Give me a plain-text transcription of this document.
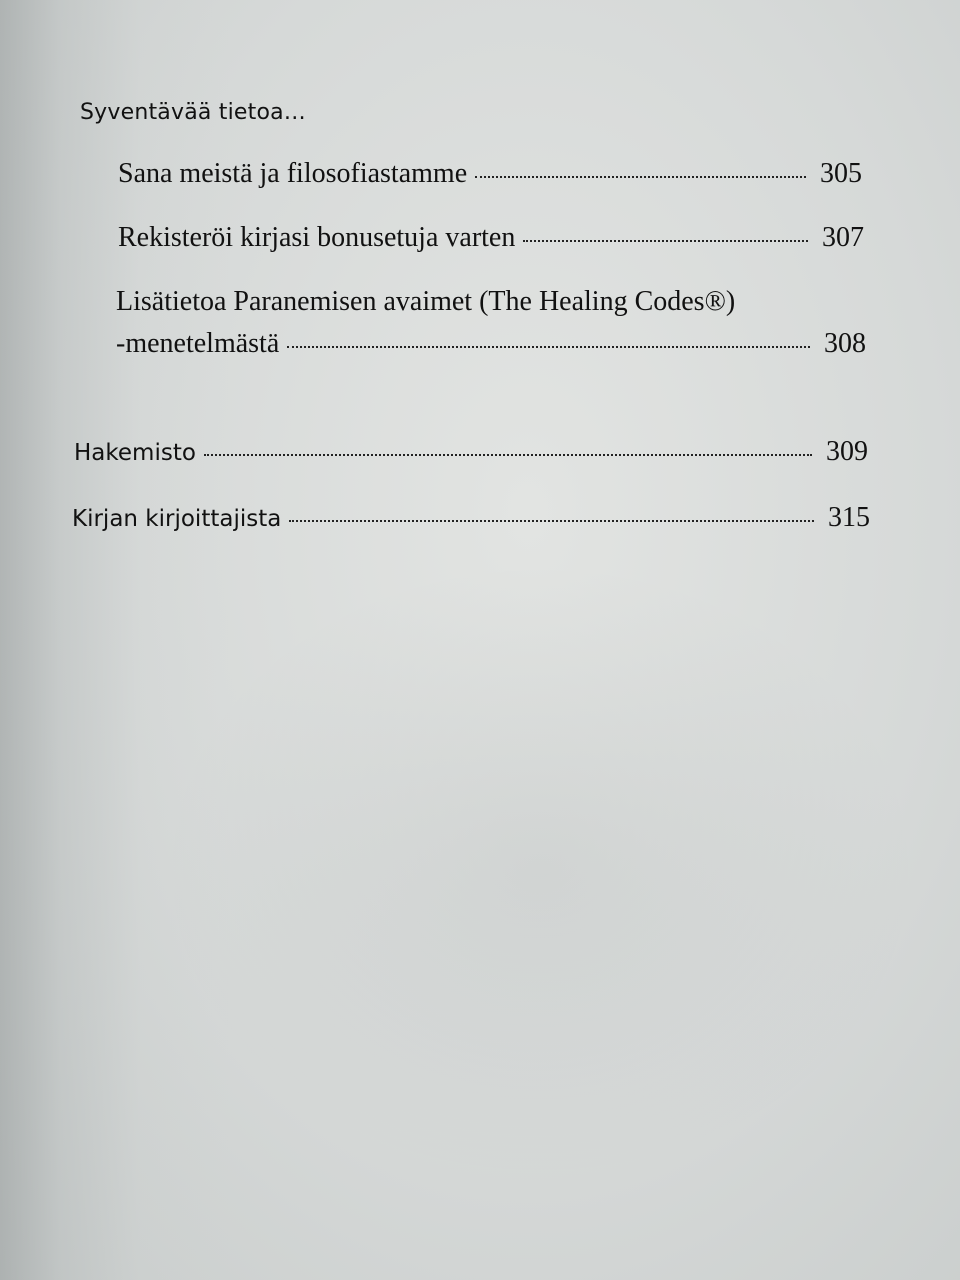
Syventävää tietoa…
Sana meistä ja filosofiastamme	305
Rekisteröi kirjasi bonusetuja varten	307
Lisätietoa Paranemisen avaimet (The Healing Codes®)
-menetelmästä	308
Hakemisto	309
Kirjan kirjoittajista	315
